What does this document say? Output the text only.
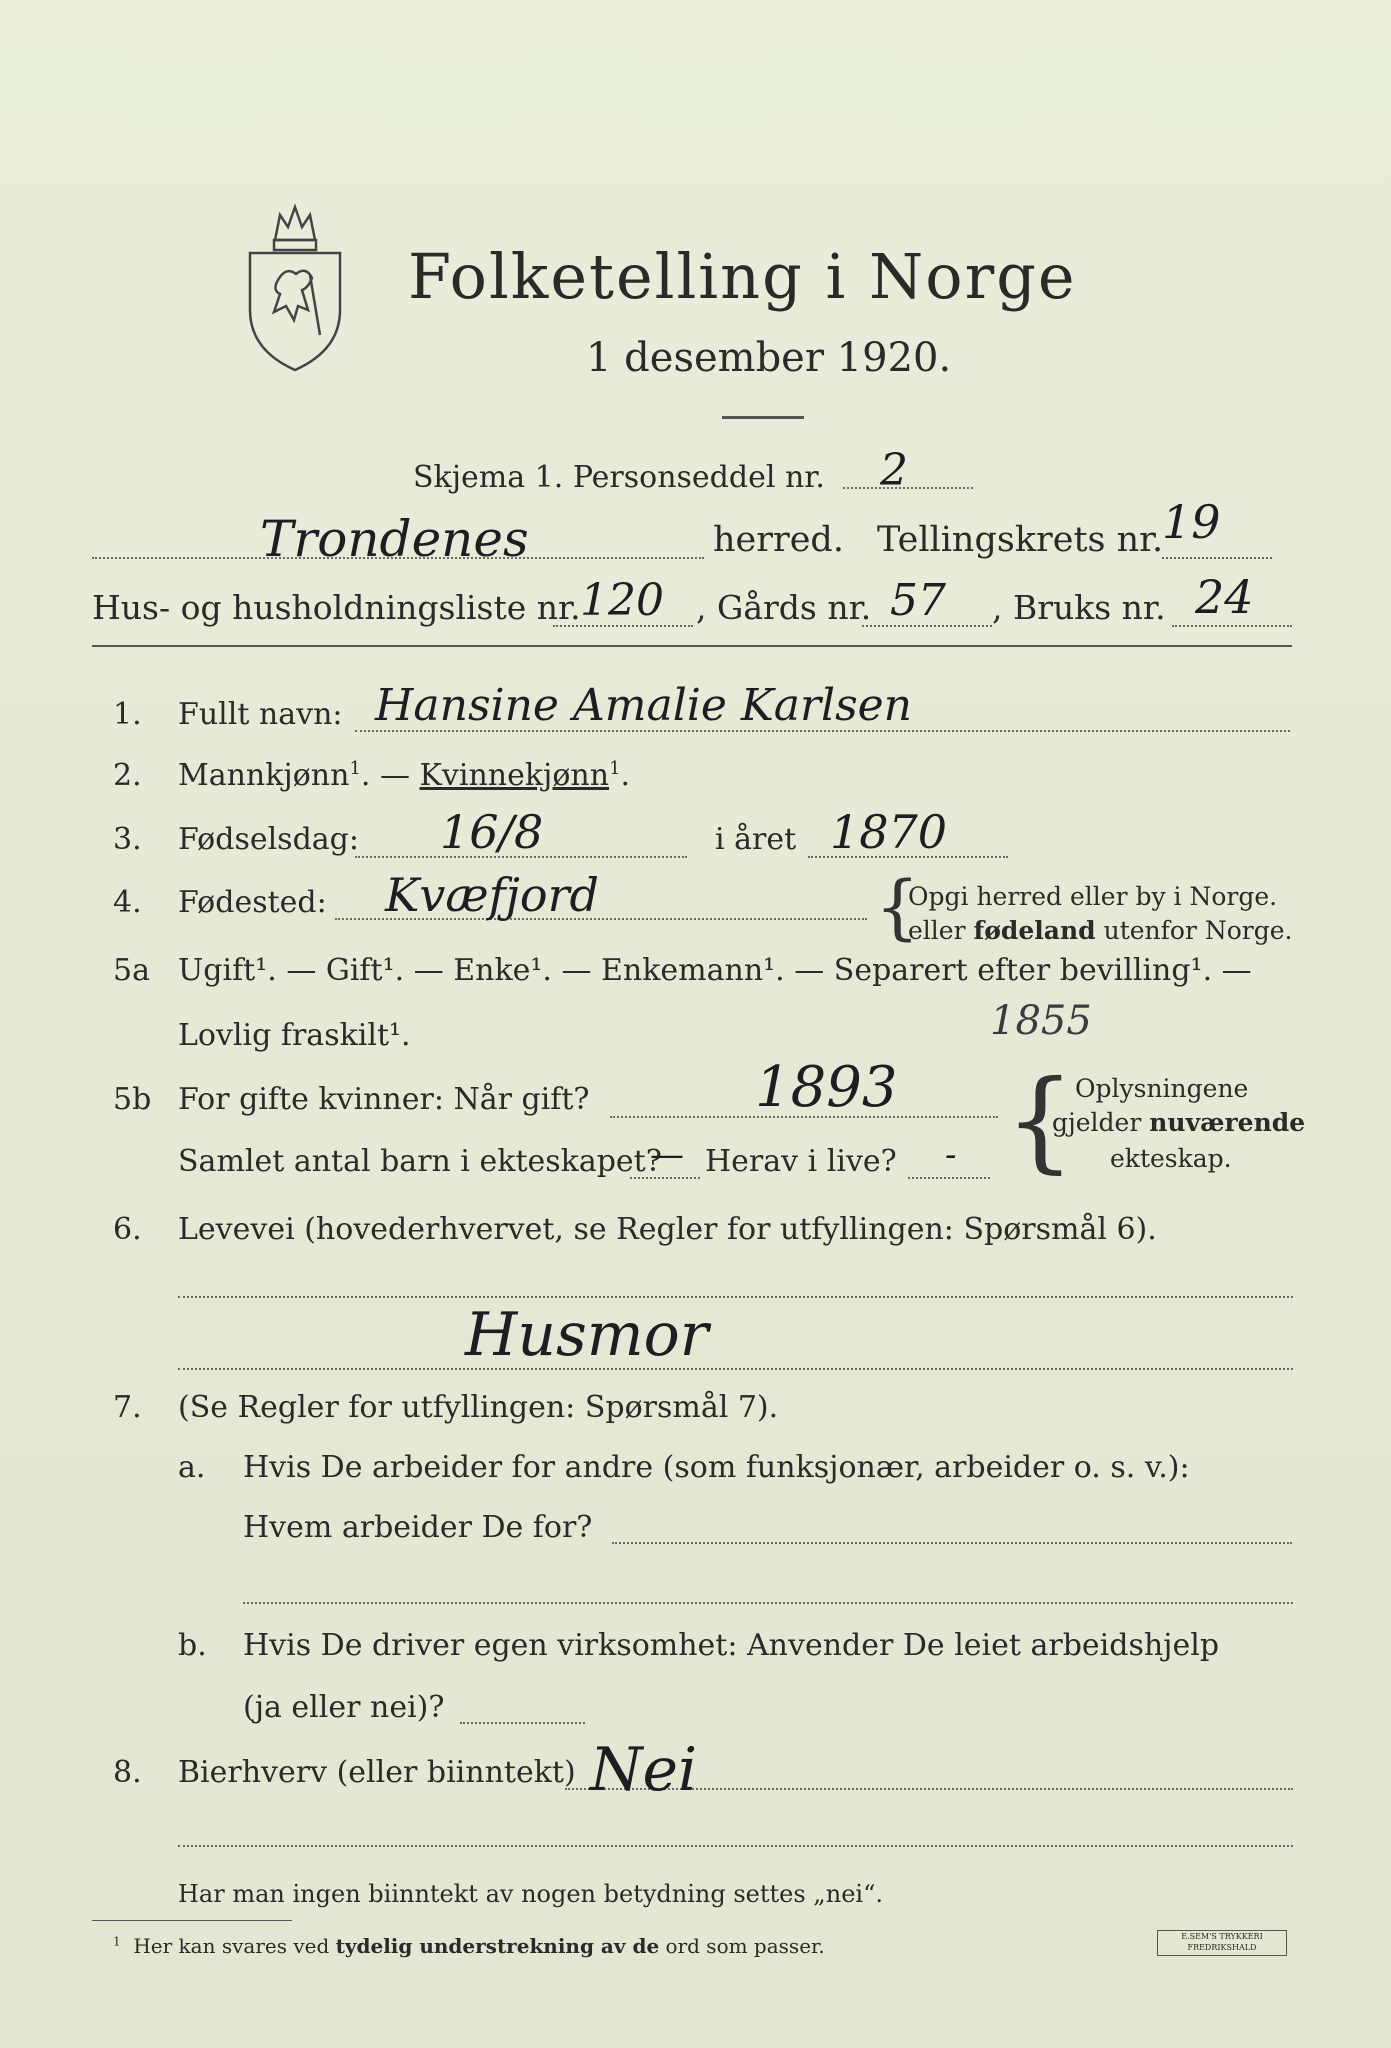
Folketelling i Norge
1 desember 1920.
Skjema 1. Personseddel nr. 2
Trondenes	herred. Tellingskrets nr.
19
Hus- og husholdningsliste nr. 120 , Gårds nr. 57 , Bruks nr. 24
1. Fullt navn: Hansine Amalie Karlsen
2. Mannkjønn$^1$. — Kvinnekjønn$^1$.
3. Fødselsdag: 16/8	i året 1870
4. Fødested: Kvæfjord	{
Opgi herred eller by i Norge.
eller fødeland utenfor Norge.
5a Ugift¹. — Gift¹. — Enke¹. — Enkemann¹. — Separert efter bevilling¹. —
Lovlig fraskilt¹.	1855
5b For gifte kvinner: Når gift?	1893
Samlet antal barn i ekteskapet?
— Herav i live? - { Oplysningene
gjelder nuværende
ekteskap.
6. Levevei (hovederhvervet, se Regler for utfyllingen: Spørsmål 6).
Husmor
7. (Se Regler for utfyllingen: Spørsmål 7).
a. Hvis De arbeider for andre (som funksjonær, arbeider o. s. v.):
Hvem arbeider De for?
b. Hvis De driver egen virksomhet: Anvender De leiet arbeidshjelp
(ja eller nei)?
8. Bierhverv (eller biinntekt) Nei
Har man ingen biinntekt av nogen betydning settes „nei“.
$^1$ Her kan svares ved tydelig understrekning av de ord som passer.	E.SEM'S TRYKKERI FREDRIKSHALD
